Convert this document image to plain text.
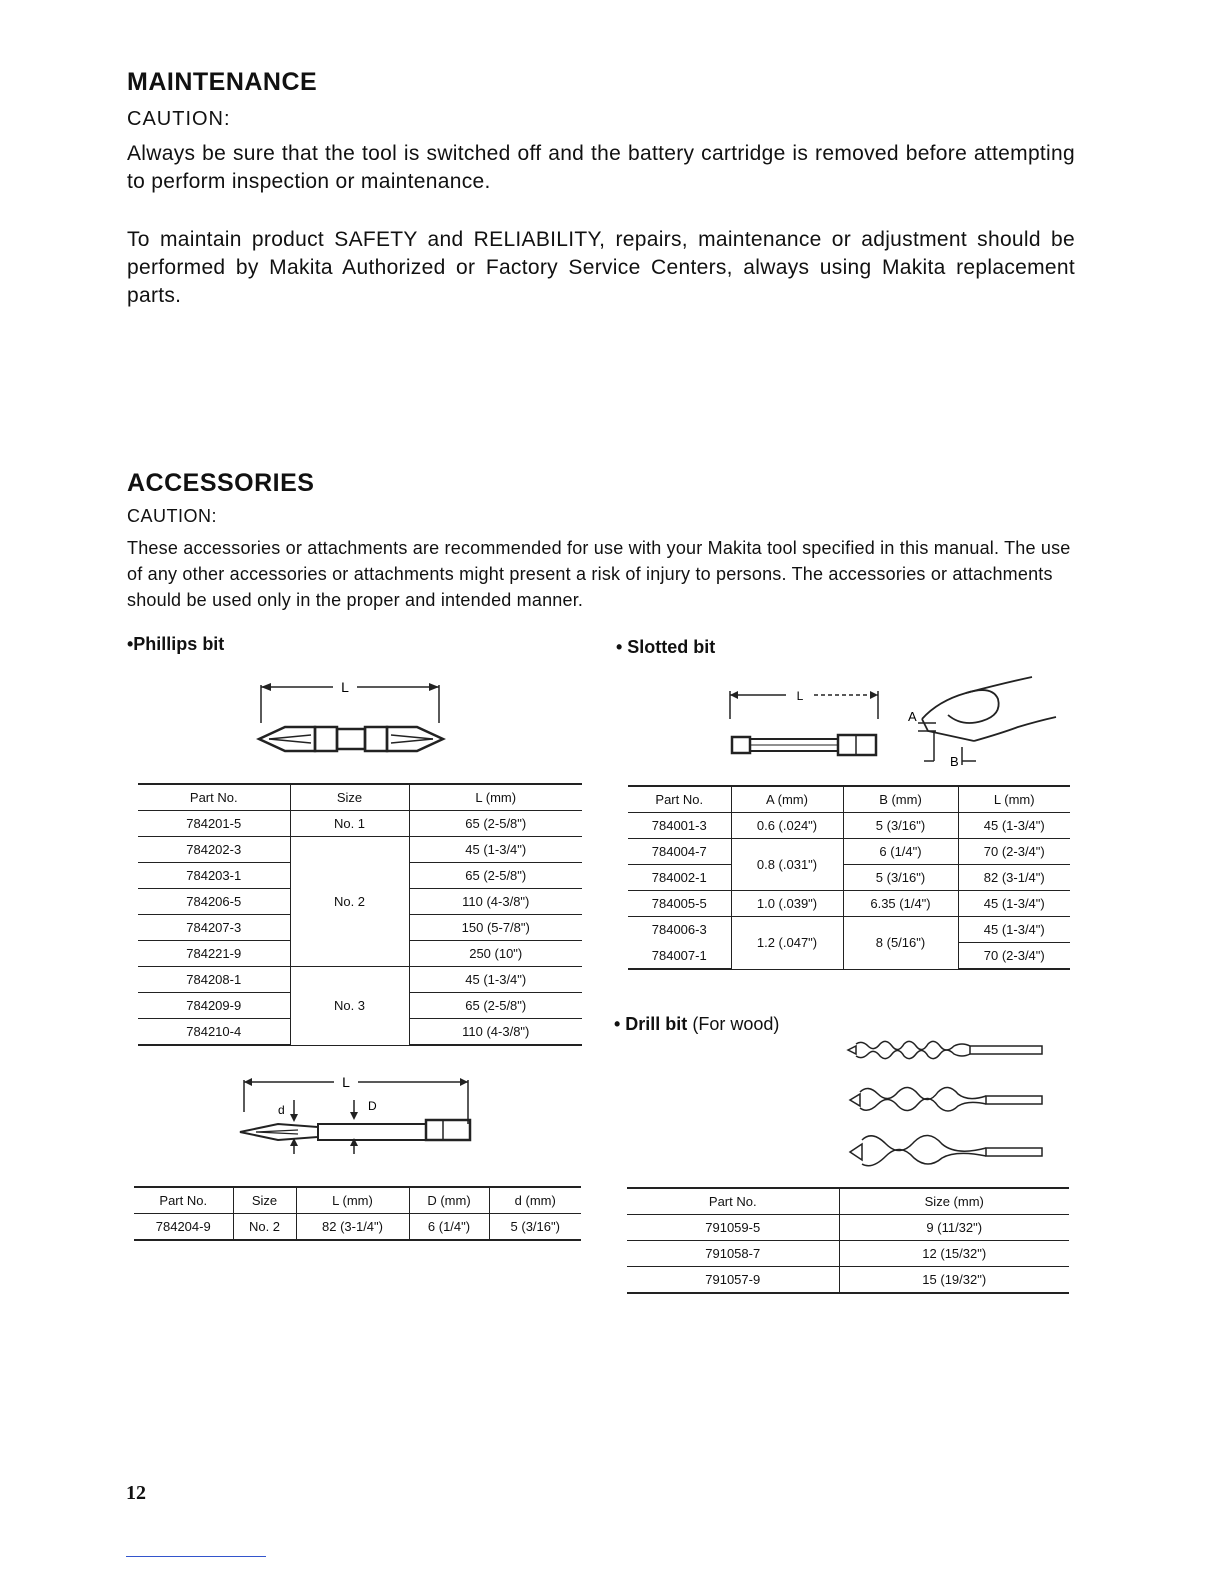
MAINTENANCE
CAUTION:
Always be sure that the tool is switched off and the battery cartridge is removed before attempting to perform inspection or maintenance.
To maintain product SAFETY and RELIABILITY, repairs, maintenance or adjustment should be performed by Makita Authorized or Factory Service Centers, always using Makita replacement parts.
ACCESSORIES
CAUTION:
These accessories or attachments are recommended for use with your Makita tool specified in this manual. The use of any other accessories or attachments might present a risk of injury to persons. The accessories or attachments should be used only in the proper and intended manner.
•Phillips bit
L
Part No.	Size	L (mm)
784201-5	No. 1	65 (2-5/8")
784202-3	No. 2	45 (1-3/4")
784203-1		65 (2-5/8")
784206-5		110 (4-3/8")
784207-3		150 (5-7/8")
784221-9		250 (10")
784208-1	No. 3	45 (1-3/4")
784209-9		65 (2-5/8")
784210-4		110 (4-3/8")
L
d	D
Part No.	Size	L (mm)	D (mm)	d (mm)
784204-9	No. 2	82 (3-1/4")	6 (1/4")	5 (3/16")
• Slotted bit
L
A
B
Part No.	A (mm)	B (mm)	L (mm)
784001-3	0.6 (.024")	5 (3/16")	45 (1-3/4")
784004-7	0.8 (.031")	6 (1/4")	70 (2-3/4")
784002-1		5 (3/16")	82 (3-1/4")
784005-5	1.0 (.039")	6.35 (1/4")	45 (1-3/4")
784006-3	1.2 (.047")	8 (5/16")	45 (1-3/4")
784007-1			70 (2-3/4")
• Drill bit (For wood)
Part No.	Size (mm)
791059-5	9 (11/32")
791058-7	12 (15/32")
791057-9	15 (19/32")
12
